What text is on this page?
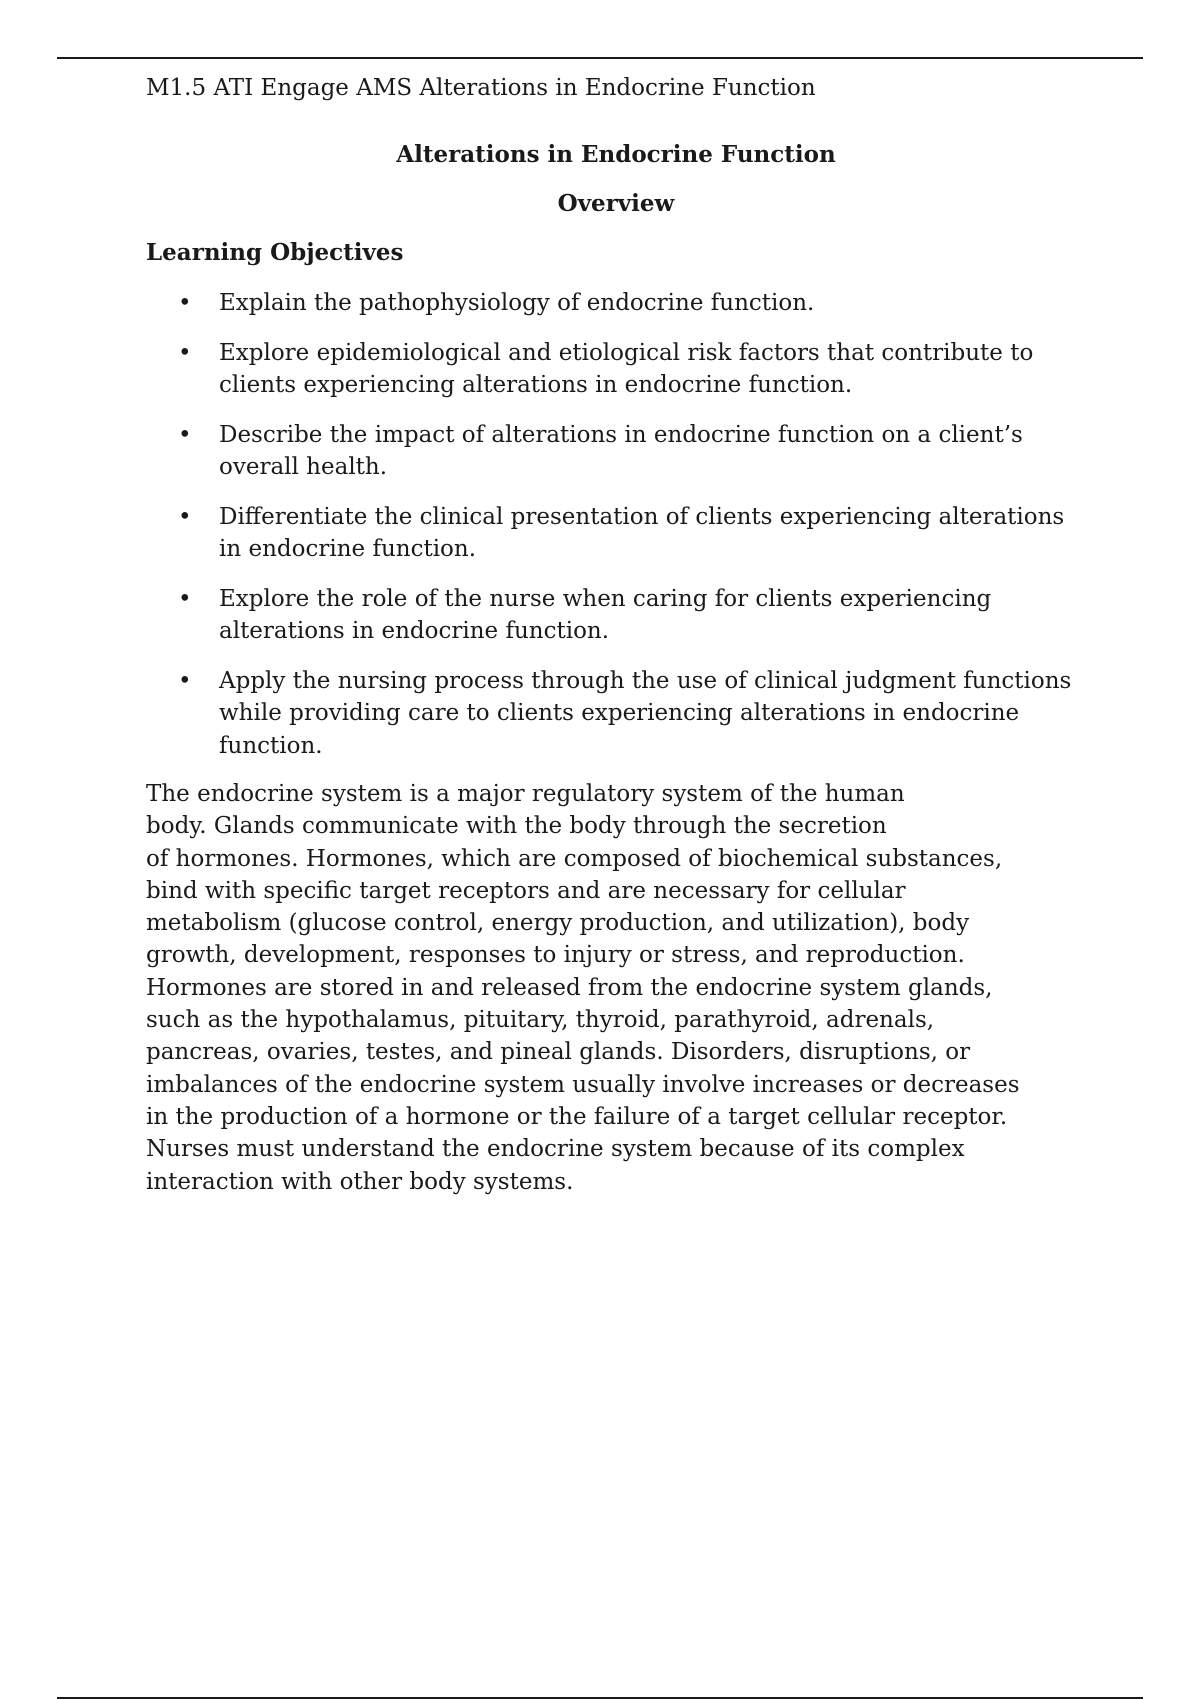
M1.5 ATI Engage AMS Alterations in Endocrine Function
Alterations in Endocrine Function
Overview
Learning Objectives
• Explain the pathophysiology of endocrine function.
• Explore epidemiological and etiological risk factors that contribute to clients experiencing alterations in endocrine function.
• Describe the impact of alterations in endocrine function on a client’s overall health.
• Differentiate the clinical presentation of clients experiencing alterations in endocrine function.
• Explore the role of the nurse when caring for clients experiencing alterations in endocrine function.
• Apply the nursing process through the use of clinical judgment functions while providing care to clients experiencing alterations in endocrine function.
The endocrine system is a major regulatory system of the human
body. Glands communicate with the body through the secretion
of hormones. Hormones, which are composed of biochemical substances,
bind with specific target receptors and are necessary for cellular
metabolism (glucose control, energy production, and utilization), body
growth, development, responses to injury or stress, and reproduction.
Hormones are stored in and released from the endocrine system glands,
such as the hypothalamus, pituitary, thyroid, parathyroid, adrenals,
pancreas, ovaries, testes, and pineal glands. Disorders, disruptions, or
imbalances of the endocrine system usually involve increases or decreases
in the production of a hormone or the failure of a target cellular receptor.
Nurses must understand the endocrine system because of its complex
interaction with other body systems.
